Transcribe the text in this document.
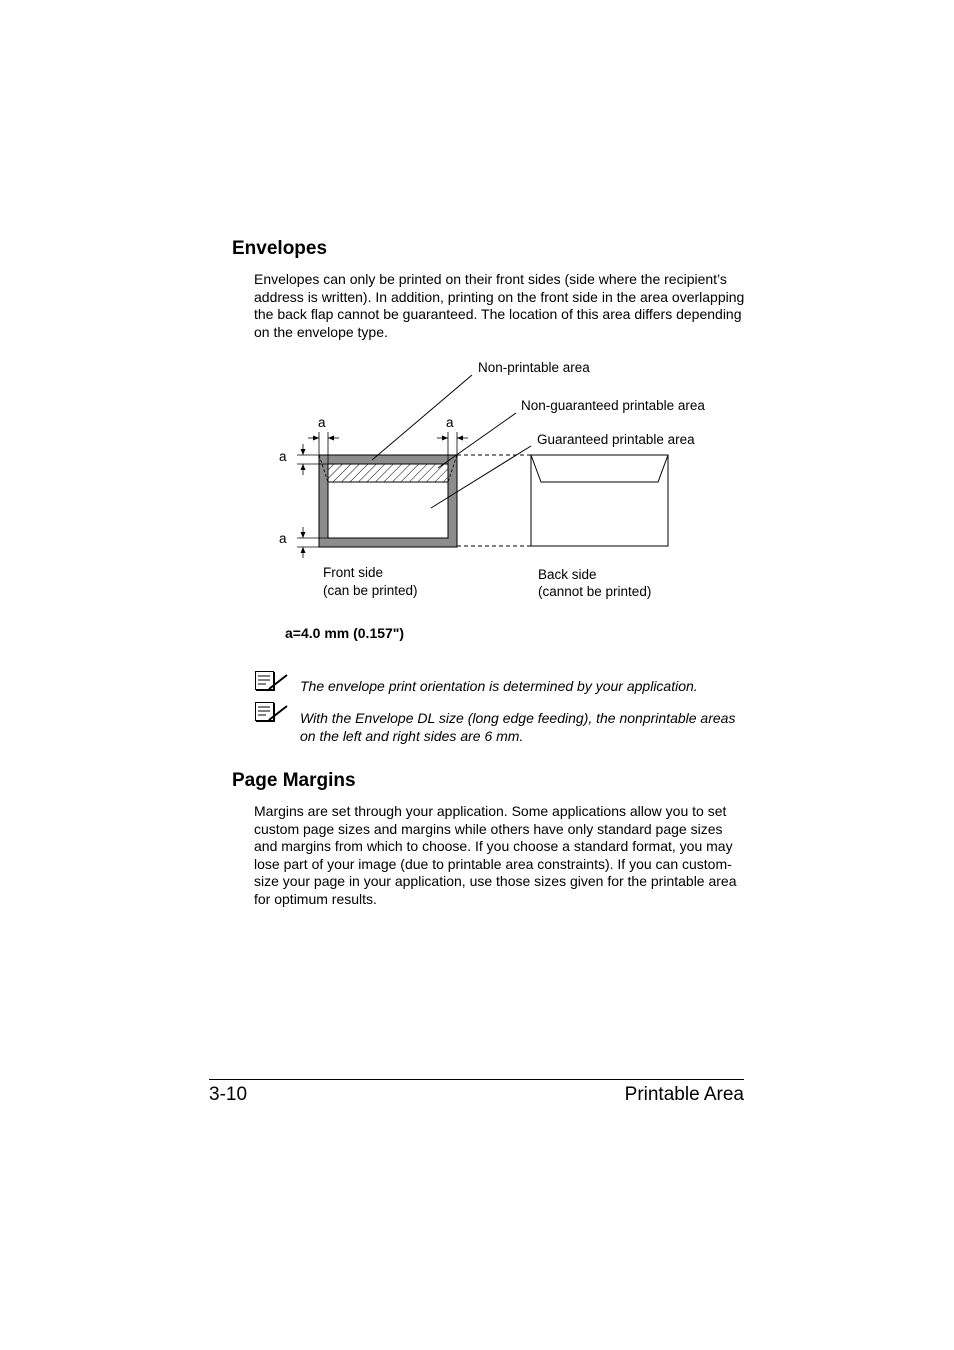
Envelopes
Envelopes can only be printed on their front sides (side where the recipient’s address is written). In addition, printing on the front side in the area overlapping the back flap cannot be guaranteed. The location of this area differs depending on the envelope type.
Non-printable area
Non-guaranteed printable area
Guaranteed printable area
a	a
a
a
Front side
(can be printed)
Back side
(cannot be printed)
a=4.0 mm (0.157")
The envelope print orientation is determined by your application.
With the Envelope DL size (long edge feeding), the nonprintable areas on the left and right sides are 6 mm.
Page Margins
Margins are set through your application. Some applications allow you to set custom page sizes and margins while others have only standard page sizes and margins from which to choose. If you choose a standard format, you may lose part of your image (due to printable area constraints). If you can custom-size your page in your application, use those sizes given for the printable area for optimum results.
3-10	Printable Area
